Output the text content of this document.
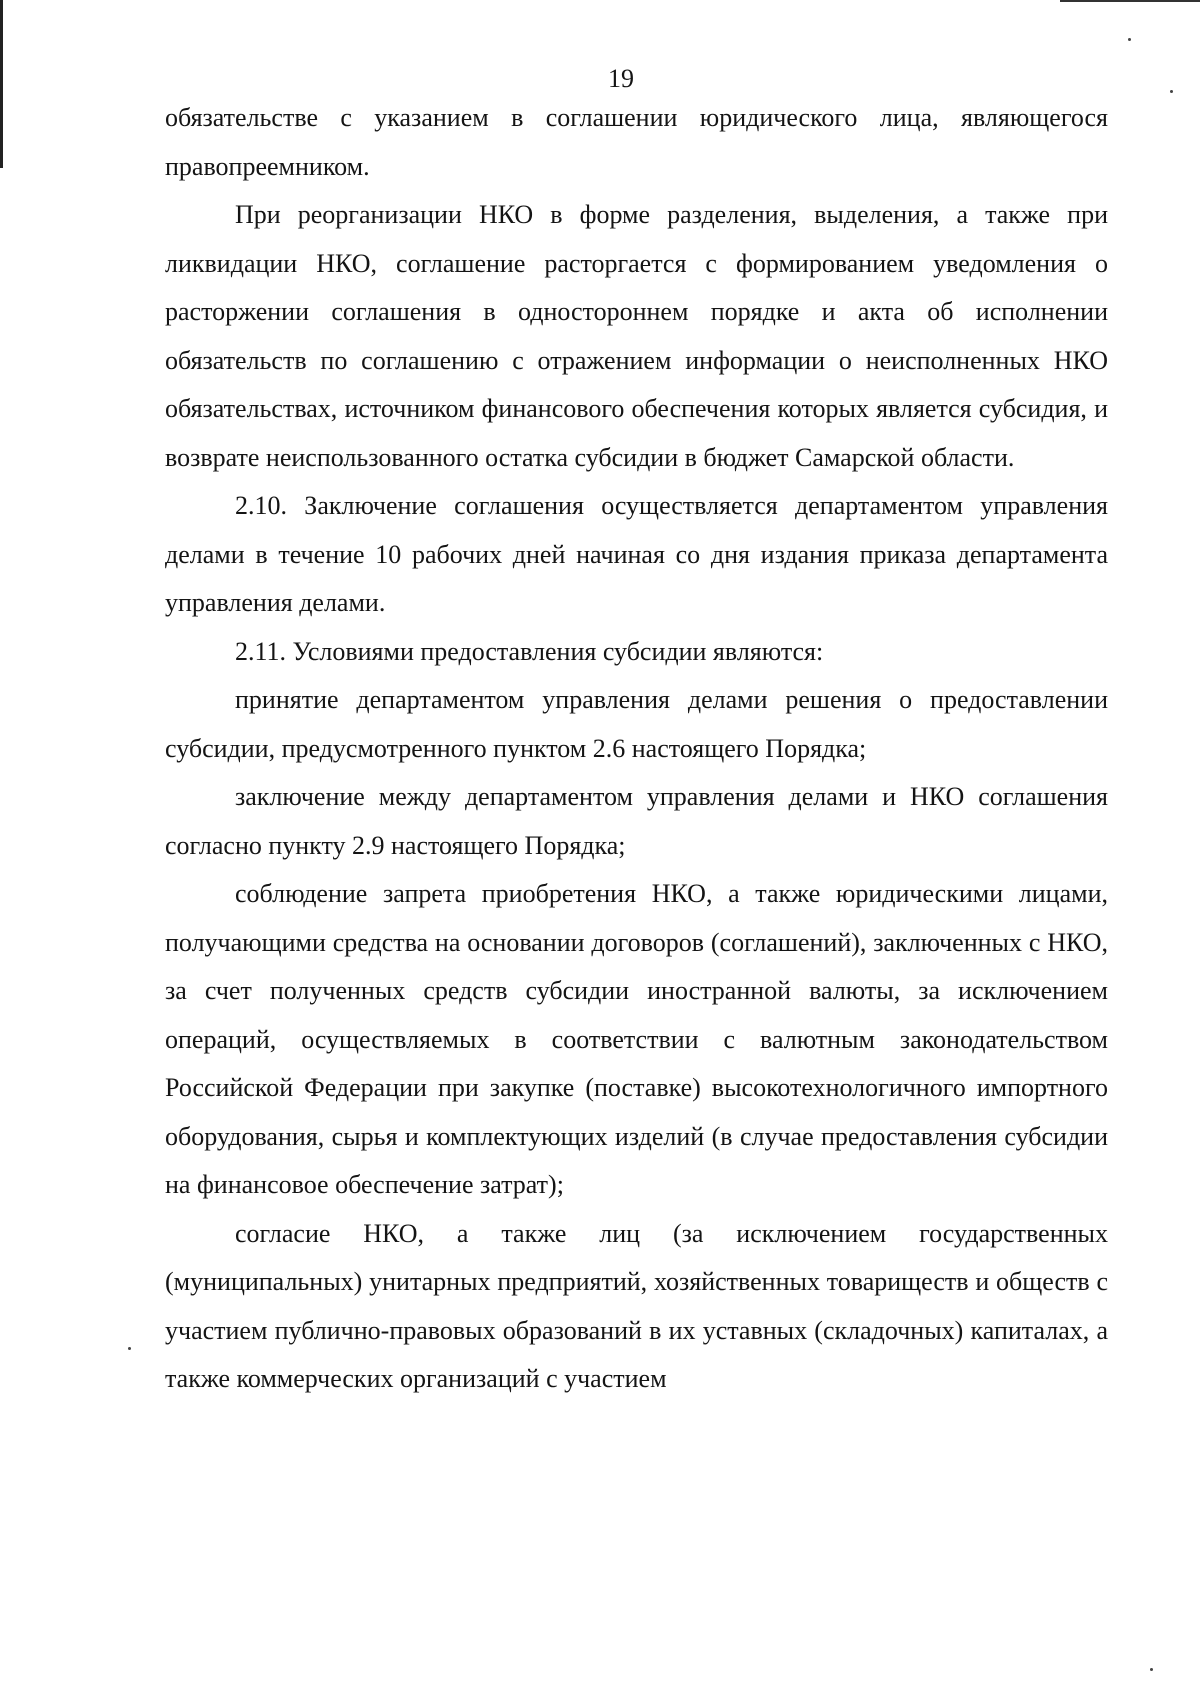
19

обязательстве с указанием в соглашении юридического лица, являющегося правопреемником.

При реорганизации НКО в форме разделения, выделения, а также при ликвидации НКО, соглашение расторгается с формированием уведомления о расторжении соглашения в одностороннем порядке и акта об исполнении обязательств по соглашению с отражением информации о неисполненных НКО обязательствах, источником финансового обеспечения которых является субсидия, и возврате неиспользованного остатка субсидии в бюджет Самарской области.

2.10. Заключение соглашения осуществляется департаментом управления делами в течение 10 рабочих дней начиная со дня издания приказа департамента управления делами.

2.11. Условиями предоставления субсидии являются:

принятие департаментом управления делами решения о предоставлении субсидии, предусмотренного пунктом 2.6 настоящего Порядка;

заключение между департаментом управления делами и НКО соглашения согласно пункту 2.9 настоящего Порядка;

соблюдение запрета приобретения НКО, а также юридическими лицами, получающими средства на основании договоров (соглашений), заключенных с НКО, за счет полученных средств субсидии иностранной валюты, за исключением операций, осуществляемых в соответствии с валютным законодательством Российской Федерации при закупке (поставке) высокотехнологичного импортного оборудования, сырья и комплектующих изделий (в случае предоставления субсидии на финансовое обеспечение затрат);

согласие НКО, а также лиц (за исключением государственных (муниципальных) унитарных предприятий, хозяйственных товариществ и обществ с участием публично-правовых образований в их уставных (складочных) капиталах, а также коммерческих организаций с участием
